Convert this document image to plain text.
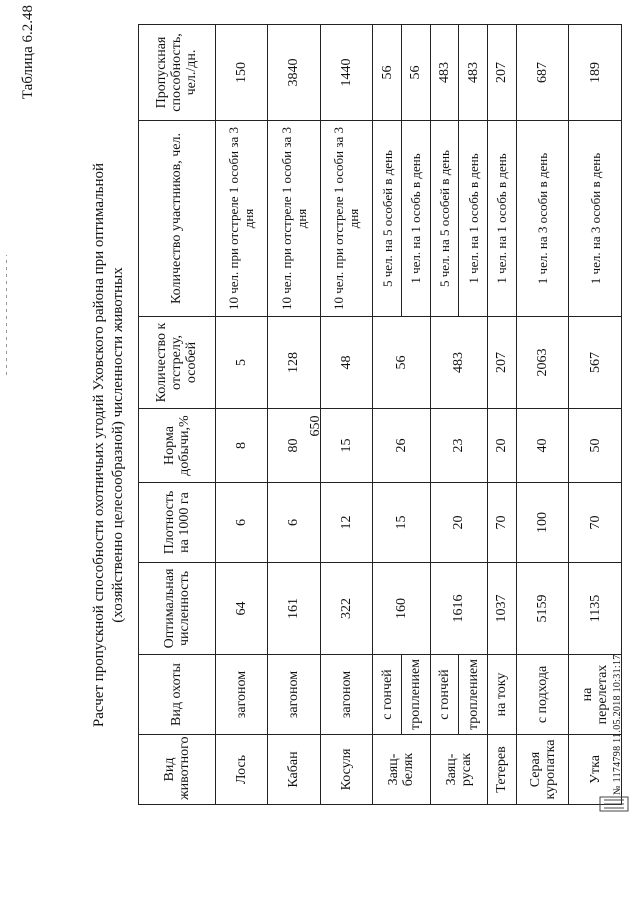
650
Таблица 6.2.48
Расчет пропускной способности охотничьих угодий Уховского района при оптимальной (хозяйственно целесообразной) численности животных
Вид животного	Вид охоты	Оптимальная численность	Плотность на 1000 га	Норма добычи,%	Количество к отстрелу, особей	Количество участников, чел.	Пропускная способность, чел./дн.
Лось	загоном	64	6	8	5	10 чел. при отстреле 1 особи за 3 дня	150
Кабан	загоном	161	6	80	128	10 чел. при отстреле 1 особи за 3 дня	3840
Косуля	загоном	322	12	15	48	10 чел. при отстреле 1 особи за 3 дня	1440
Заяц-беляк	с гончей	160	15	26	56	5 чел. на 5 особей в день	56
	троплением					1 чел. на 1 особь в день	56
Заяц-русак	с гончей	1616	20	23	483	5 чел. на 5 особей в день	483
	троплением					1 чел. на 1 особь в день	483
Тетерев	на току	1037	70	20	207	1 чел. на 1 особь в день	207
Серая куропатка	с подхода	5159	100	40	2063	1 чел. на 3 особи в день	687
Утка	на перелетах	1135	70	50	567	1 чел. на 3 особи в день	189
№ 1174798 11.05.2018 10:31:17
